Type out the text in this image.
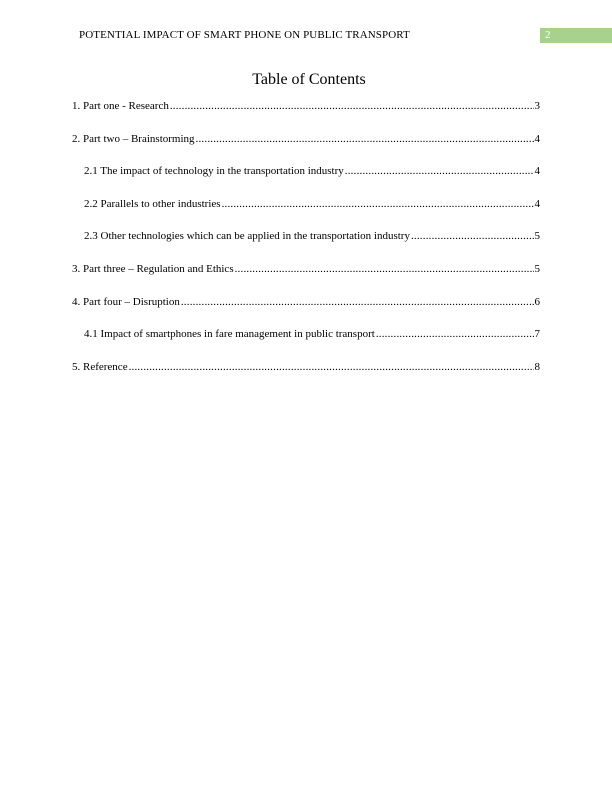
POTENTIAL IMPACT OF SMART PHONE ON PUBLIC TRANSPORT	2
Table of Contents
1. Part one - Research .....	3
2. Part two – Brainstorming .....	4
2.1 The impact of technology in the transportation industry .....	4
2.2 Parallels to other industries .....	4
2.3 Other technologies which can be applied in the transportation industry .....	5
3. Part three – Regulation and Ethics .....	5
4. Part four – Disruption .....	6
4.1 Impact of smartphones in fare management in public transport .....	7
5. Reference .....	8
